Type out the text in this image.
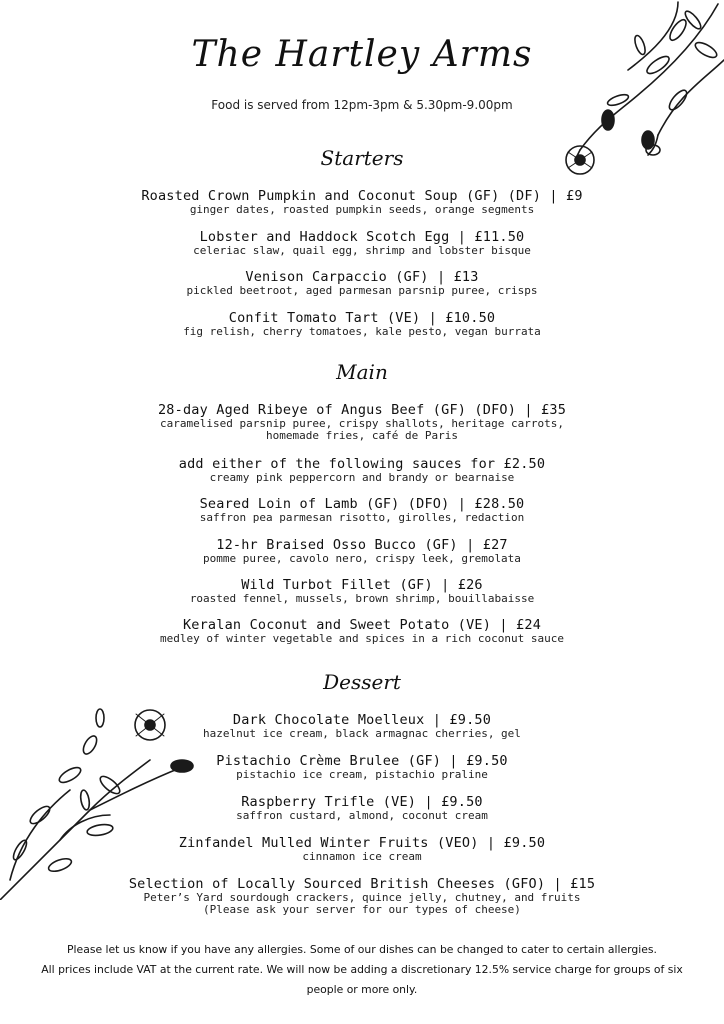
The Hartley Arms
Food is served from 12pm-3pm & 5.30pm-9.00pm
Starters
Roasted Crown Pumpkin and Coconut Soup (GF) (DF) | £9
ginger dates, roasted pumpkin seeds, orange segments
Lobster and Haddock Scotch Egg | £11.50
celeriac slaw, quail egg, shrimp and lobster bisque
Venison Carpaccio (GF) | £13
pickled beetroot, aged parmesan parsnip puree, crisps
Confit Tomato Tart (VE) | £10.50
fig relish, cherry tomatoes, kale pesto, vegan burrata
Main
28-day Aged Ribeye of Angus Beef (GF) (DFO) | £35
caramelised parsnip puree, crispy shallots, heritage carrots,
homemade fries, café de Paris
add either of the following sauces for £2.50
creamy pink peppercorn and brandy or bearnaise
Seared Loin of Lamb (GF) (DFO) | £28.50
saffron pea parmesan risotto, girolles, redaction
12-hr Braised Osso Bucco (GF) | £27
pomme puree, cavolo nero, crispy leek, gremolata
Wild Turbot Fillet (GF) | £26
roasted fennel, mussels, brown shrimp, bouillabaisse
Keralan Coconut and Sweet Potato (VE) | £24
medley of winter vegetable and spices in a rich coconut sauce
Dessert
Dark Chocolate Moelleux | £9.50
hazelnut ice cream, black armagnac cherries, gel
Pistachio Crème Brulee (GF) | £9.50
pistachio ice cream, pistachio praline
Raspberry Trifle (VE) | £9.50
saffron custard, almond, coconut cream
Zinfandel Mulled Winter Fruits (VEO) | £9.50
cinnamon ice cream
Selection of Locally Sourced British Cheeses (GFO) | £15
Peter’s Yard sourdough crackers, quince jelly, chutney, and fruits
(Please ask your server for our types of cheese)
Please let us know if you have any allergies. Some of our dishes can be changed to cater to certain allergies.
All prices include VAT at the current rate. We will now be adding a discretionary 12.5% service charge for groups of six
people or more only.
